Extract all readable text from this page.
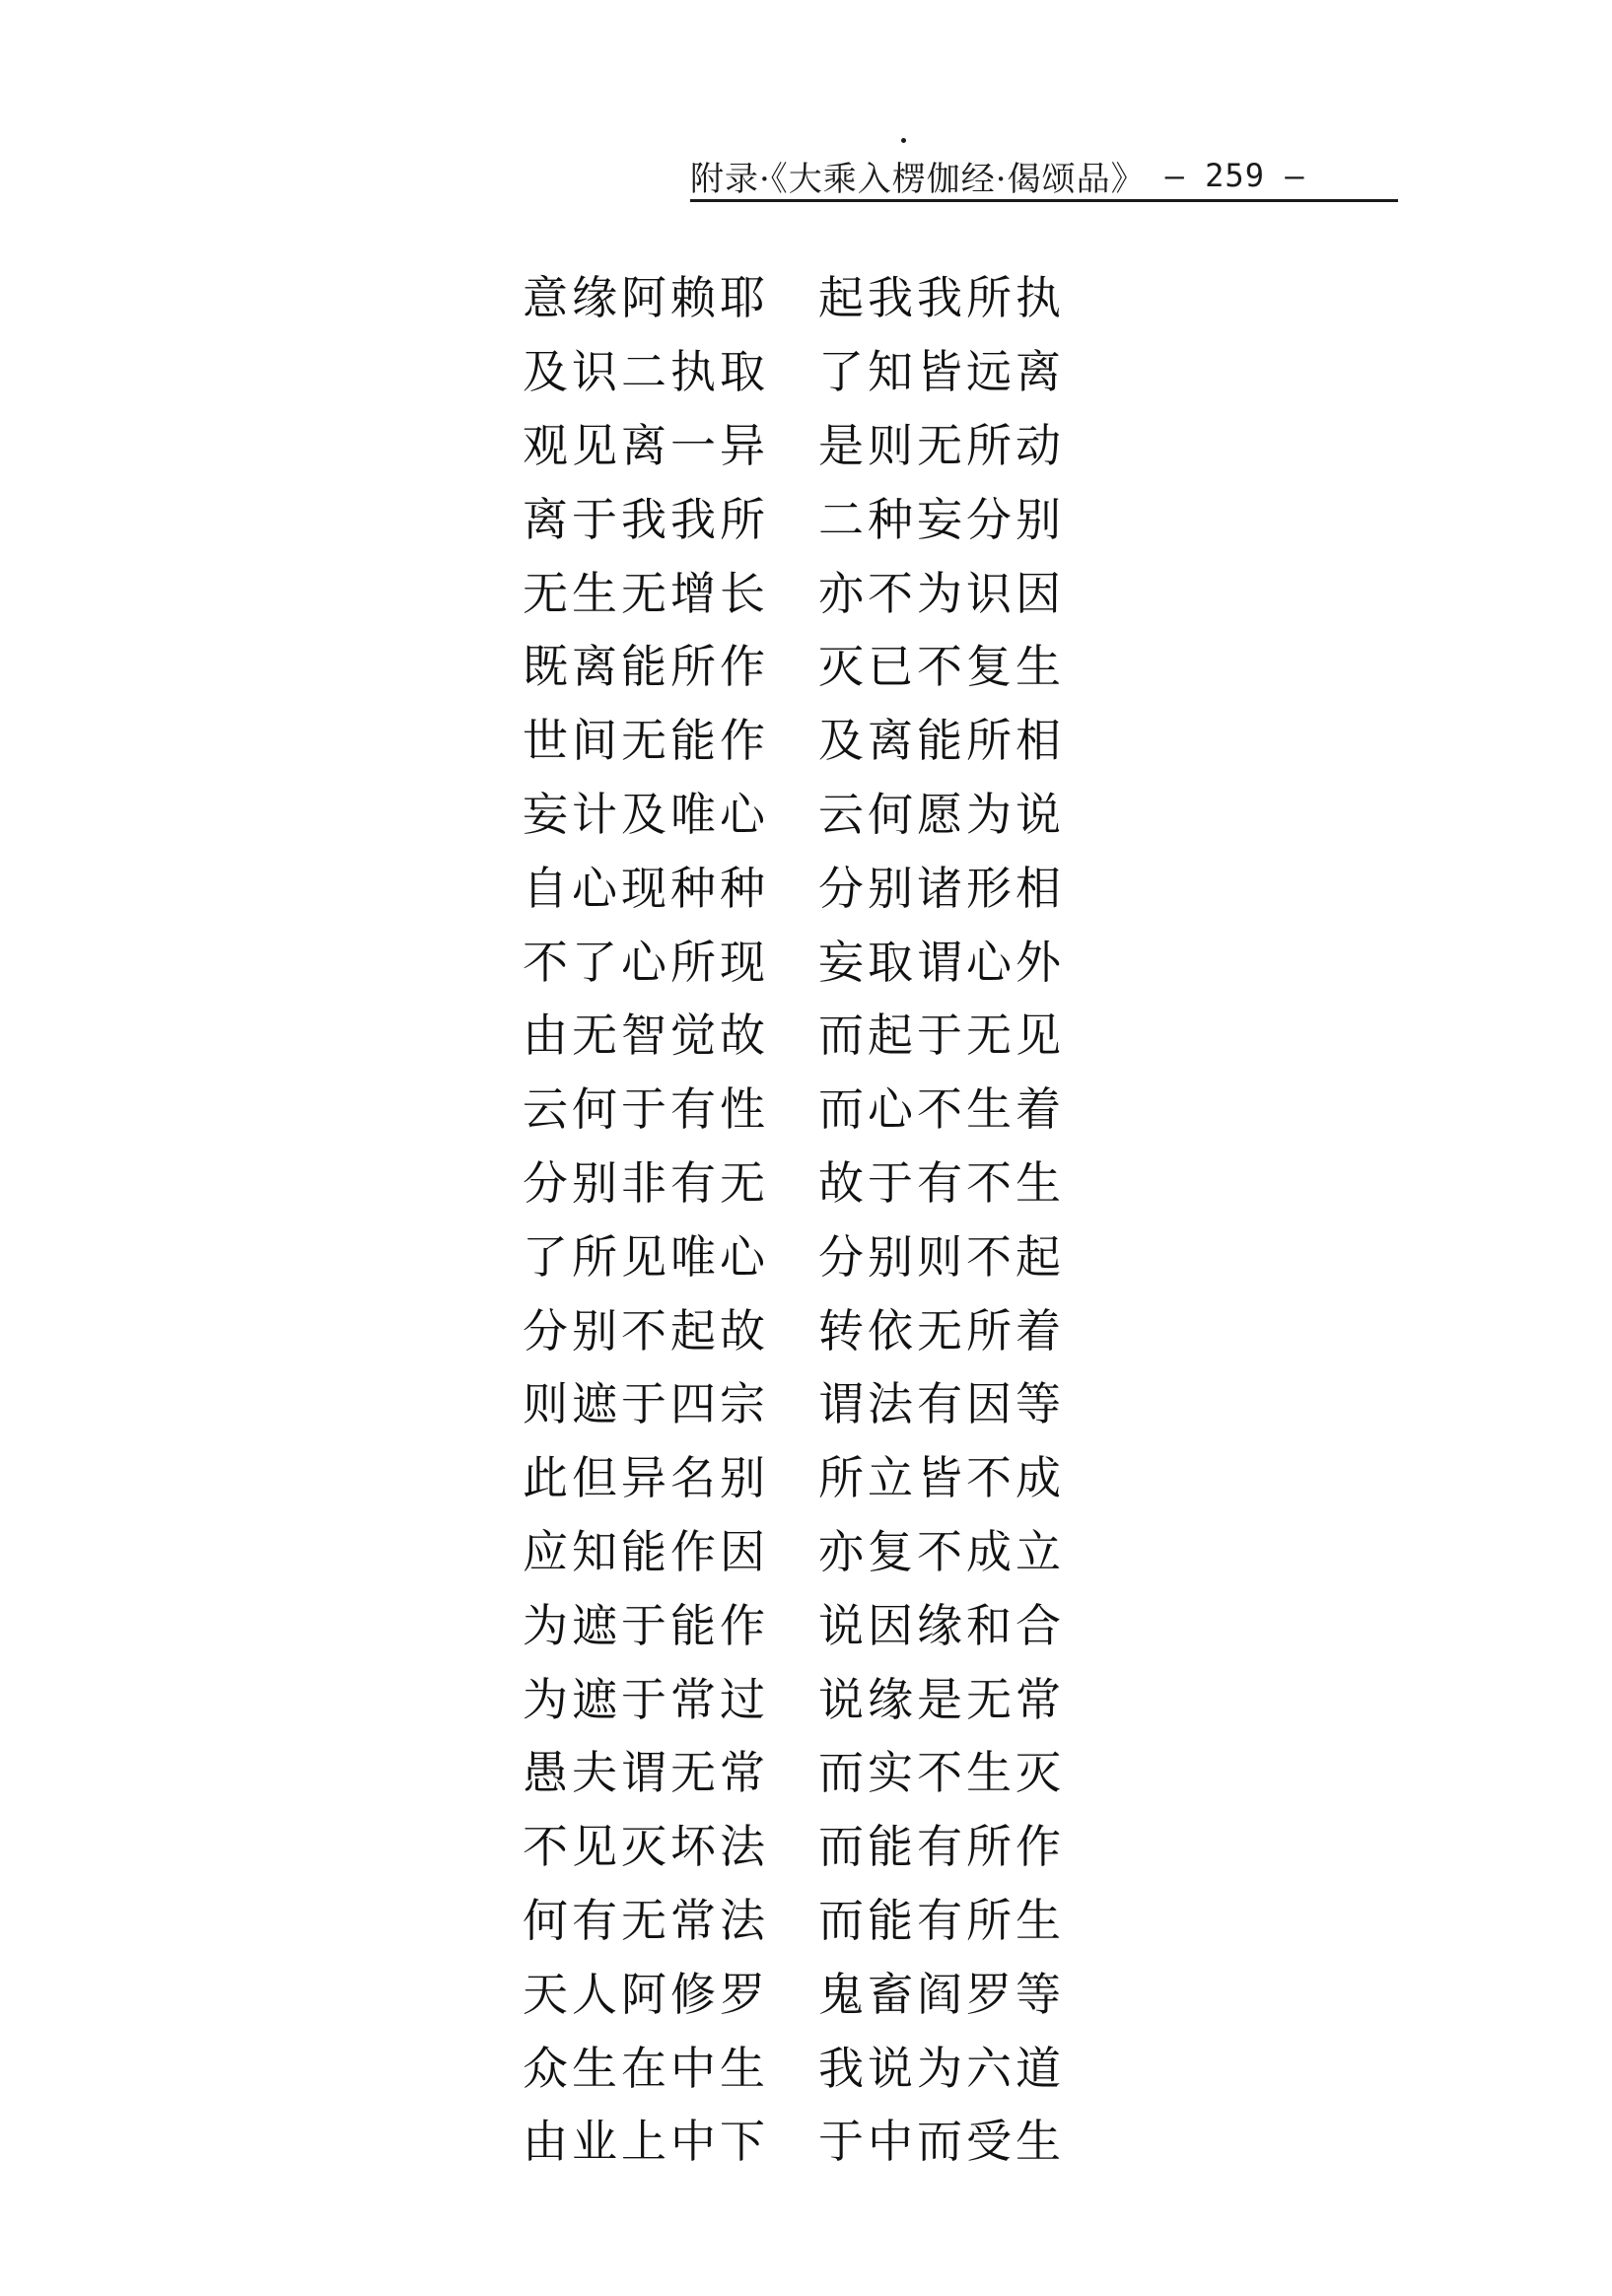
附录·《大乘入楞伽经·偈颂品》 — 259 —
意缘阿赖耶	起我我所执
及识二执取	了知皆远离
观见离一异	是则无所动
离于我我所	二种妄分别
无生无增长	亦不为识因
既离能所作	灭已不复生
世间无能作	及离能所相
妄计及唯心	云何愿为说
自心现种种	分别诸形相
不了心所现	妄取谓心外
由无智觉故	而起于无见
云何于有性	而心不生着
分别非有无	故于有不生
了所见唯心	分别则不起
分别不起故	转依无所着
则遮于四宗	谓法有因等
此但异名别	所立皆不成
应知能作因	亦复不成立
为遮于能作	说因缘和合
为遮于常过	说缘是无常
愚夫谓无常	而实不生灭
不见灭坏法	而能有所作
何有无常法	而能有所生
天人阿修罗	鬼畜阎罗等
众生在中生	我说为六道
由业上中下	于中而受生
